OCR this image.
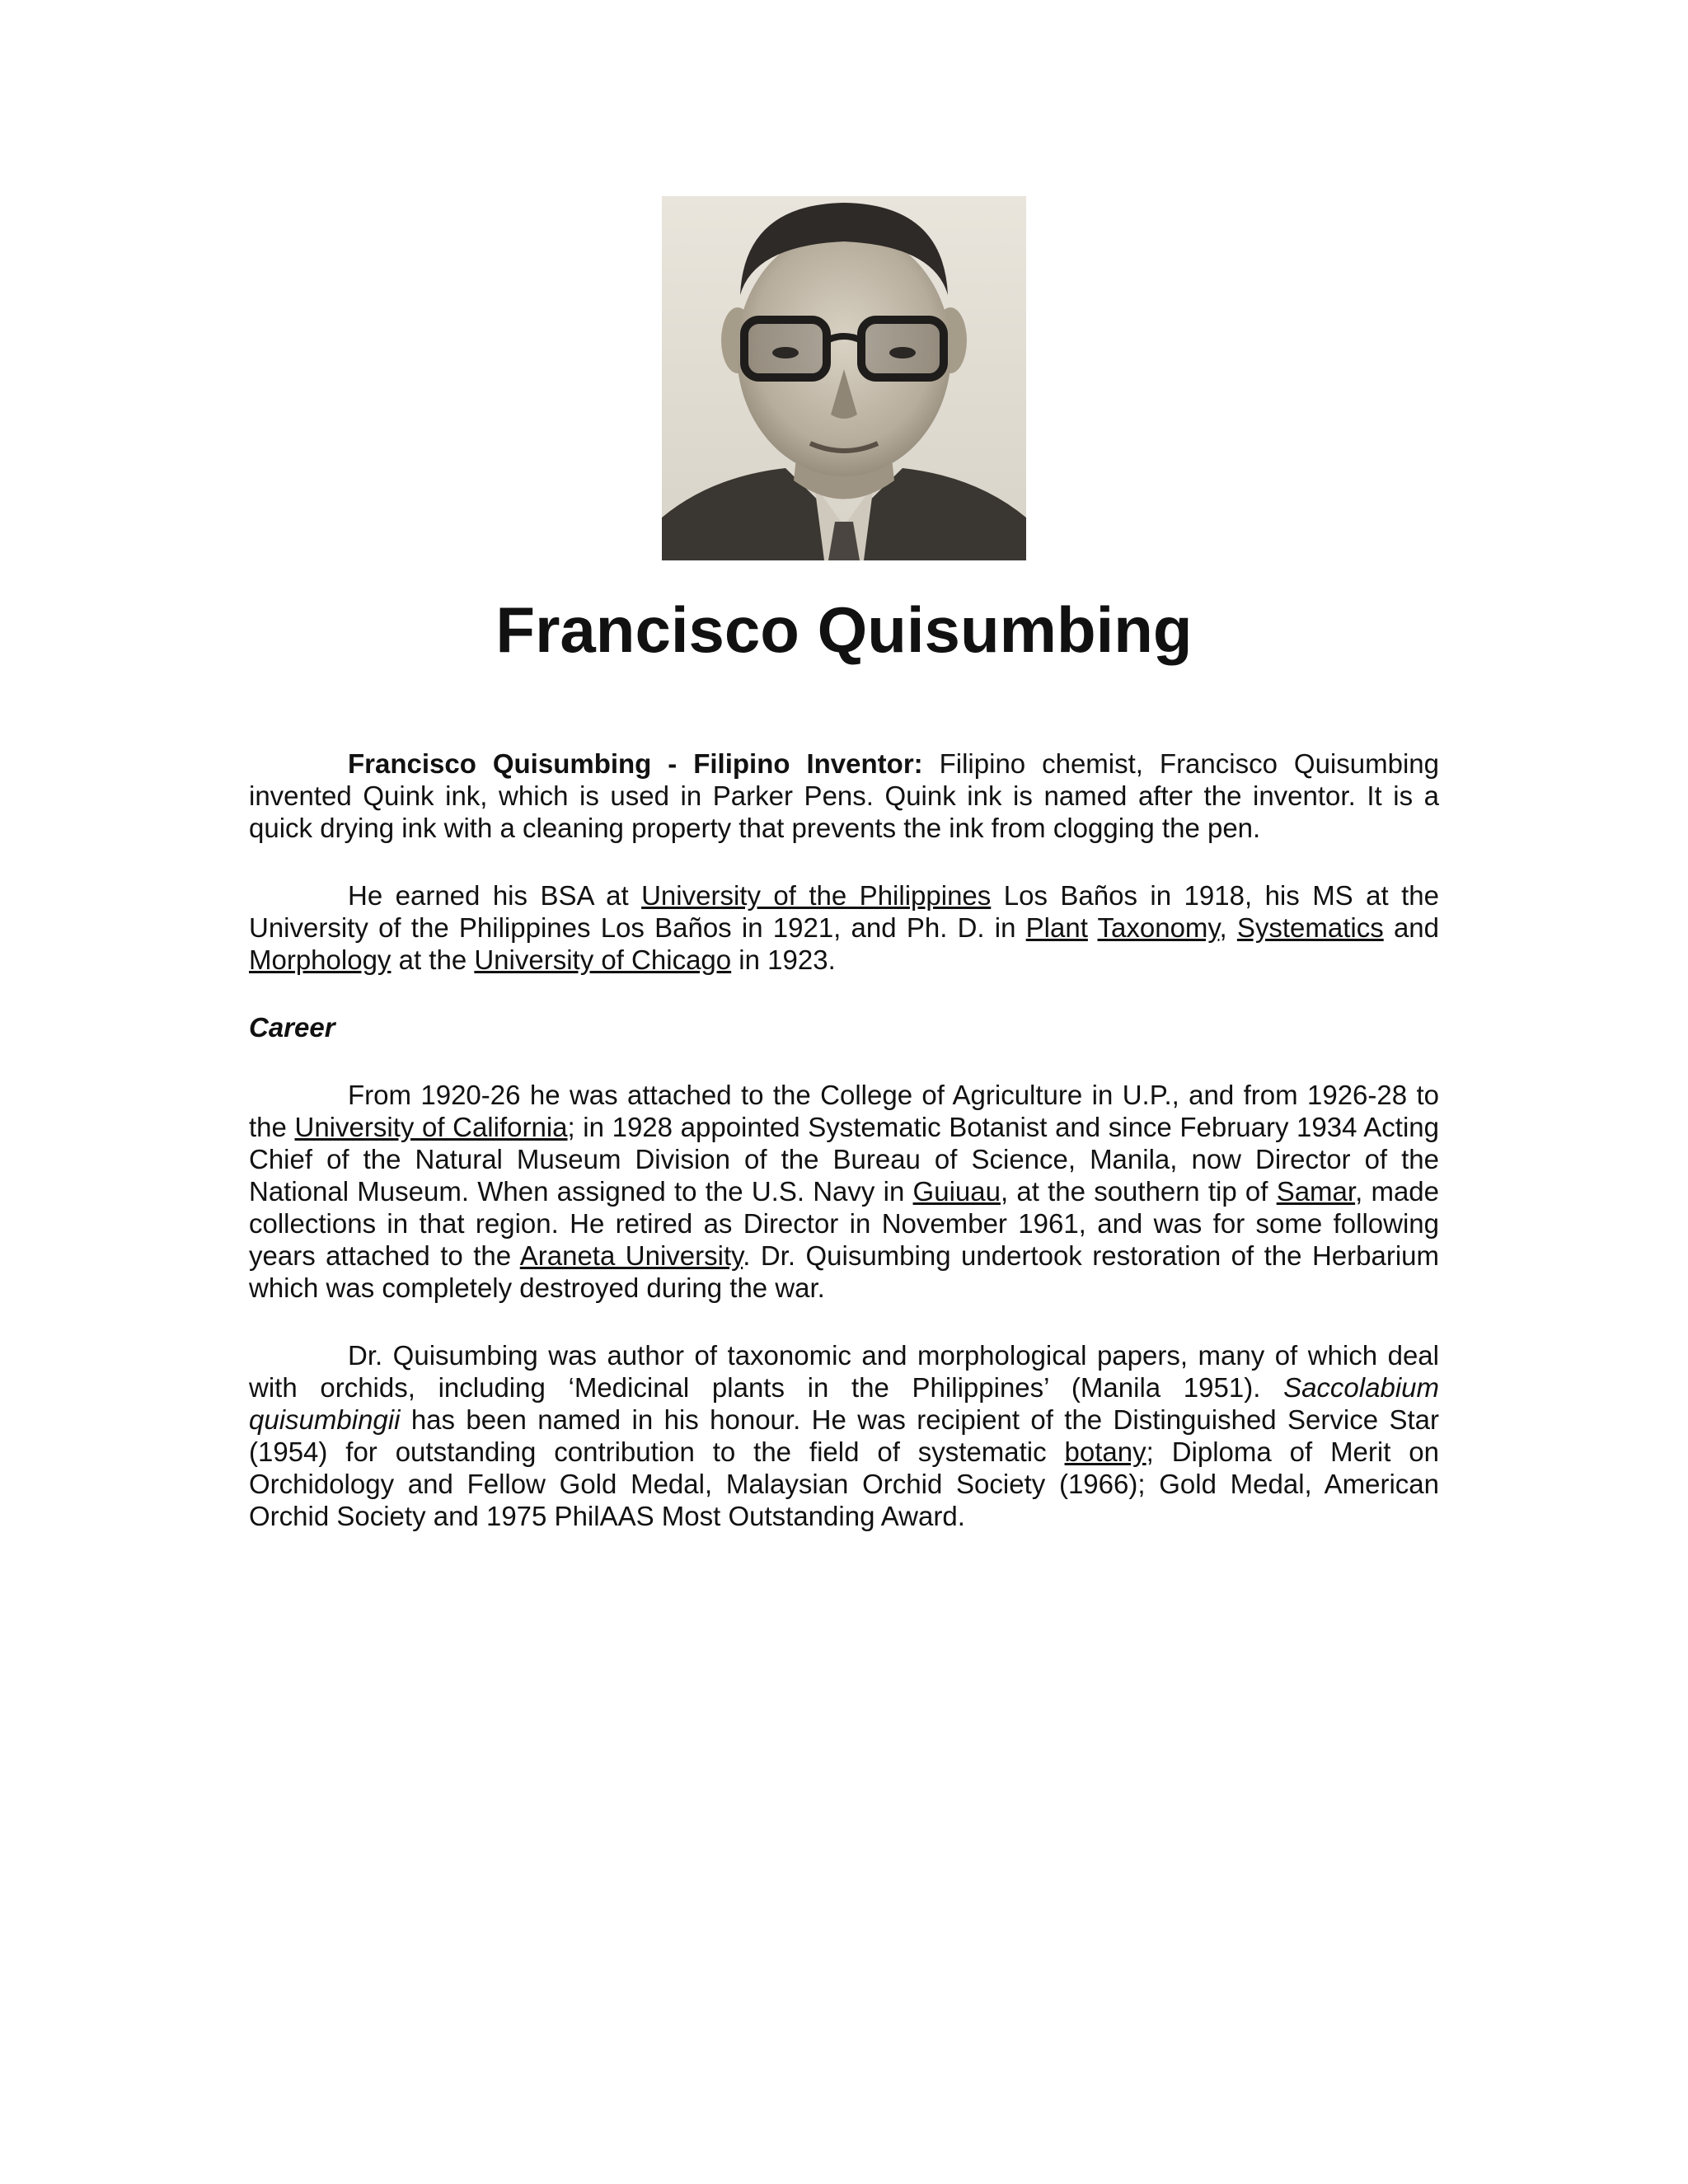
Francisco Quisumbing

Francisco Quisumbing - Filipino Inventor: Filipino chemist, Francisco Quisumbing invented Quink ink, which is used in Parker Pens. Quink ink is named after the inventor. It is a quick drying ink with a cleaning property that prevents the ink from clogging the pen.

He earned his BSA at University of the Philippines Los Baños in 1918, his MS at the University of the Philippines Los Baños in 1921, and Ph. D. in Plant Taxonomy, Systematics and Morphology at the University of Chicago in 1923.

Career

From 1920-26 he was attached to the College of Agriculture in U.P., and from 1926-28 to the University of California; in 1928 appointed Systematic Botanist and since February 1934 Acting Chief of the Natural Museum Division of the Bureau of Science, Manila, now Director of the National Museum. When assigned to the U.S. Navy in Guiuau, at the southern tip of Samar, made collections in that region. He retired as Director in November 1961, and was for some following years attached to the Araneta University. Dr. Quisumbing undertook restoration of the Herbarium which was completely destroyed during the war.

Dr. Quisumbing was author of taxonomic and morphological papers, many of which deal with orchids, including ‘Medicinal plants in the Philippines’ (Manila 1951). Saccolabium quisumbingii has been named in his honour. He was recipient of the Distinguished Service Star (1954) for outstanding contribution to the field of systematic botany; Diploma of Merit on Orchidology and Fellow Gold Medal, Malaysian Orchid Society (1966); Gold Medal, American Orchid Society and 1975 PhilAAS Most Outstanding Award.
